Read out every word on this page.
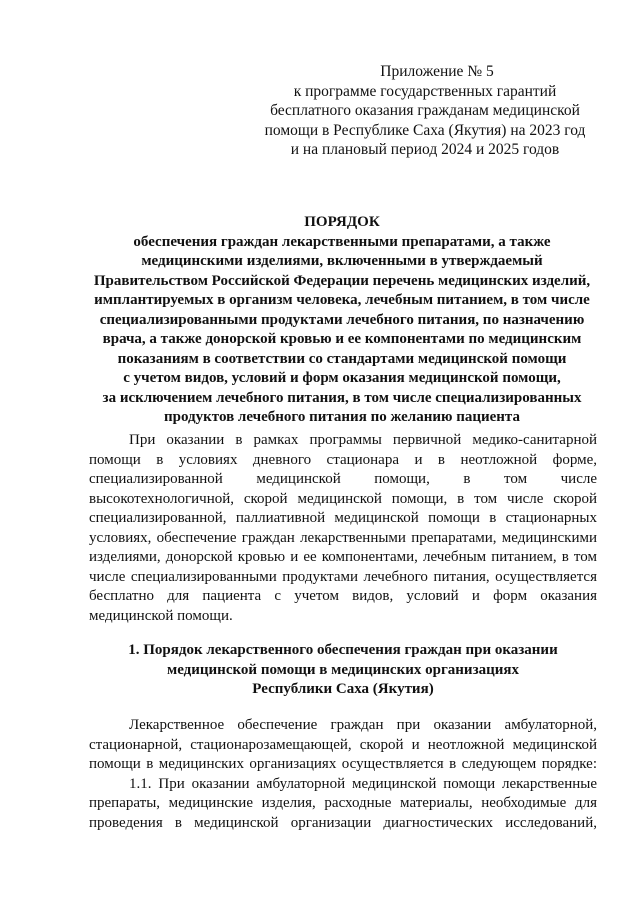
Приложение № 5
к программе государственных гарантий
бесплатного оказания гражданам медицинской
помощи в Республике Саха (Якутия) на 2023 год
и на плановый период 2024 и 2025 годов
ПОРЯДОК
обеспечения граждан лекарственными препаратами, а также
медицинскими изделиями, включенными в утверждаемый
Правительством Российской Федерации перечень медицинских изделий,
имплантируемых в организм человека, лечебным питанием, в том числе
специализированными продуктами лечебного питания, по назначению
врача, а также донорской кровью и ее компонентами по медицинским
показаниям в соответствии со стандартами медицинской помощи
с учетом видов, условий и форм оказания медицинской помощи,
за исключением лечебного питания, в том числе специализированных
продуктов лечебного питания по желанию пациента
При оказании в рамках программы первичной медико-санитарной
помощи в условиях дневного стационара и в неотложной форме,
специализированной медицинской помощи, в том числе
высокотехнологичной, скорой медицинской помощи, в том числе скорой
специализированной, паллиативной медицинской помощи в стационарных
условиях, обеспечение граждан лекарственными препаратами, медицинскими
изделиями, донорской кровью и ее компонентами, лечебным питанием, в том
числе специализированными продуктами лечебного питания, осуществляется
бесплатно для пациента с учетом видов, условий и форм оказания
медицинской помощи.
1. Порядок лекарственного обеспечения граждан при оказании
медицинской помощи в медицинских организациях
Республики Саха (Якутия)
Лекарственное обеспечение граждан при оказании амбулаторной,
стационарной, стационарозамещающей, скорой и неотложной медицинской
помощи в медицинских организациях осуществляется в следующем порядке:
1.1. При оказании амбулаторной медицинской помощи лекарственные
препараты, медицинские изделия, расходные материалы, необходимые для
проведения в медицинской организации диагностических исследований,
